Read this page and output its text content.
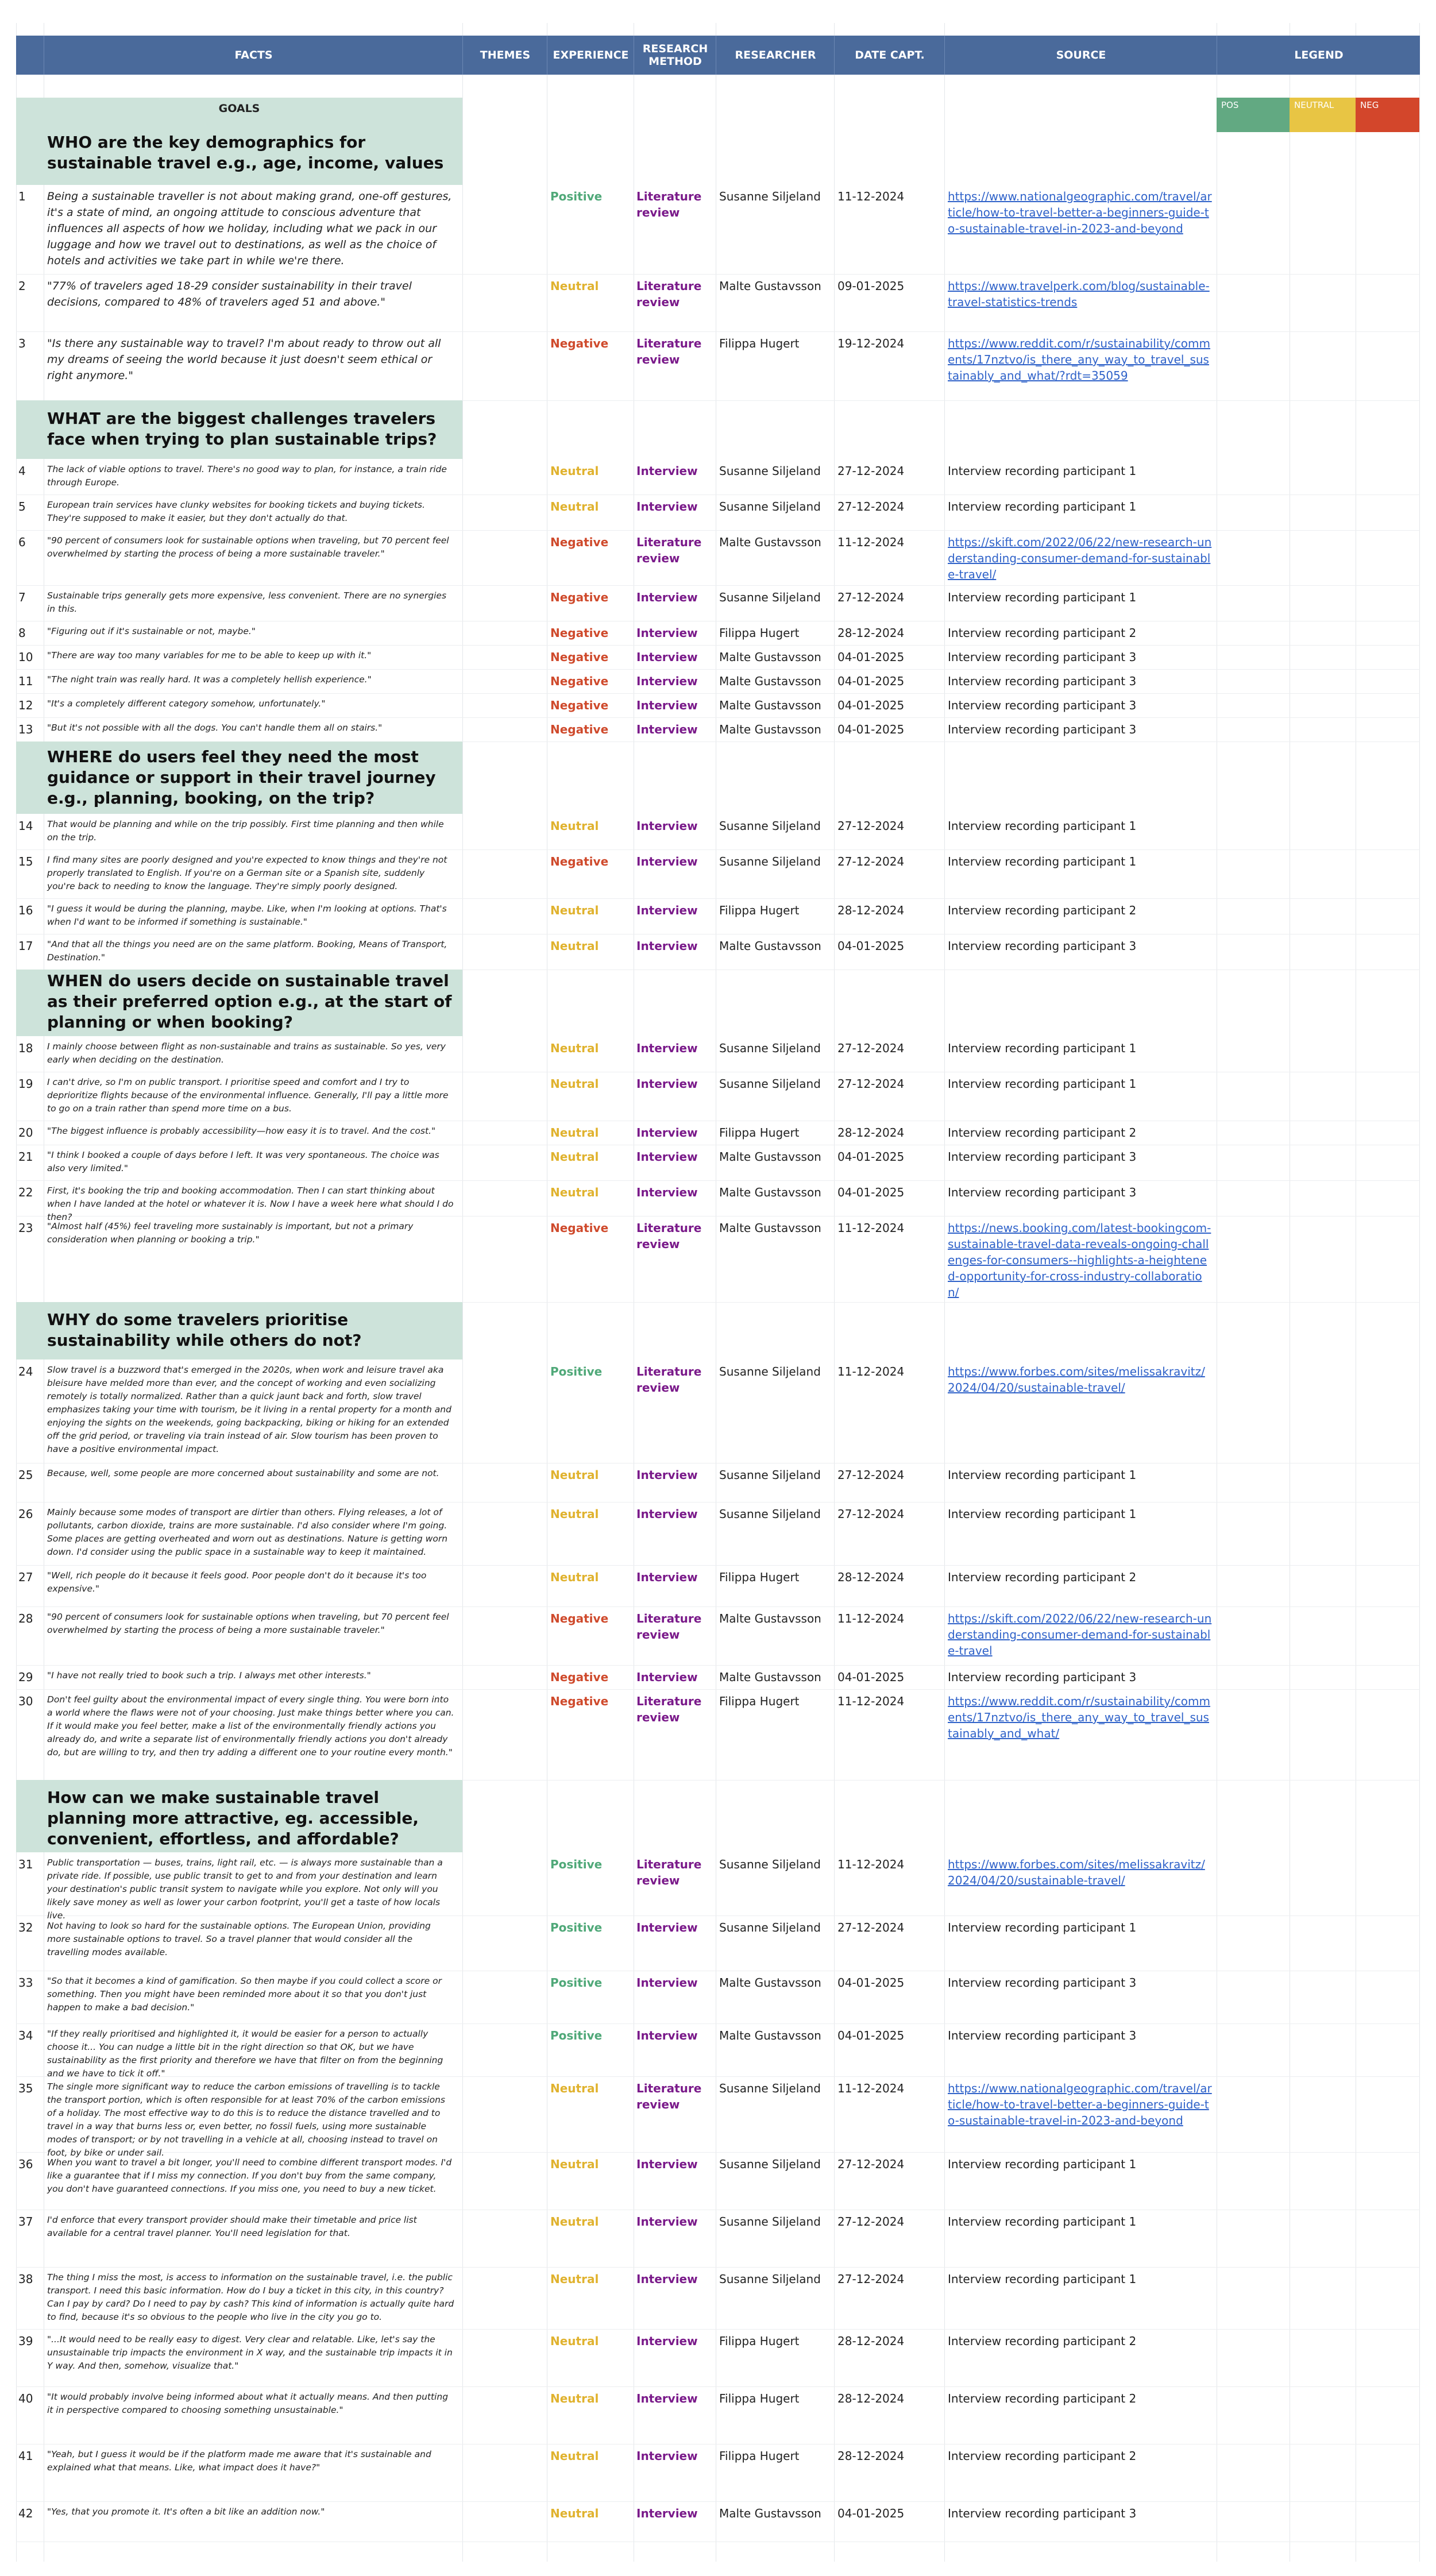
FACTS	THEMES	EXPERIENCE	RESEARCH METHOD	RESEARCHER	DATE CAPT.	SOURCE	LEGEND
GOALS	POS	NEUTRAL	NEG
WHO are the key demographics for sustainable travel e.g., age, income, values
1 Being a sustainable traveller is not about making grand, one-off gestures, it's a state of mind, an ongoing attitude to conscious adventure that influences all aspects of how we holiday, including what we pack in our luggage and how we travel out to destinations, as well as the choice of hotels and activities we take part in while we're there.
Positive	Literature review
Susanne Siljeland 11-12-2024	https://www.nationalgeographic.com/travel/article/how-to-travel-better-a-beginners-guide-to-sustainable-travel-in-2023-and-beyond
2 "77% of travelers aged 18-29 consider sustainability in their travel decisions, compared to 48% of travelers aged 51 and above."
Neutral	Literature review
Malte Gustavsson 09-01-2025	https://www.travelperk.com/blog/sustainable-travel-statistics-trends
3 "Is there any sustainable way to travel? I'm about ready to throw out all my dreams of seeing the world because it just doesn't seem ethical or right anymore."
Negative Literature review
Filippa Hugert	19-12-2024	https://www.reddit.com/r/sustainability/comments/17nztvo/is_there_any_way_to_travel_sustainably_and_what/?rdt=35059
WHAT are the biggest challenges travelers face when trying to plan sustainable trips?
4 The lack of viable options to travel. There's no good way to plan, for instance, a train ride through Europe.
Neutral	Interview	Susanne Siljeland 27-12-2024	Interview recording participant 1
5 European train services have clunky websites for booking tickets and buying tickets. They're supposed to make it easier, but they don't actually do that.
Neutral	Interview	Susanne Siljeland 27-12-2024	Interview recording participant 1
6 "90 percent of consumers look for sustainable options when traveling, but 70 percent feel overwhelmed by starting the process of being a more sustainable traveler."
Negative Literature review
Malte Gustavsson 11-12-2024	https://skift.com/2022/06/22/new-research-understanding-consumer-demand-for-sustainable-travel/
7 Sustainable trips generally gets more expensive, less convenient. There are no synergies in this.
Negative Interview	Susanne Siljeland 27-12-2024	Interview recording participant 1
8 "Figuring out if it's sustainable or not, maybe."	Negative Interview	Filippa Hugert	28-12-2024	Interview recording participant 2
10 "There are way too many variables for me to be able to keep up with it."	Negative Interview	Malte Gustavsson 04-01-2025	Interview recording participant 3
11 "The night train was really hard. It was a completely hellish experience."	Negative Interview	Malte Gustavsson 04-01-2025	Interview recording participant 3
12 "It's a completely different category somehow, unfortunately."	Negative Interview	Malte Gustavsson 04-01-2025	Interview recording participant 3
13 "But it's not possible with all the dogs. You can't handle them all on stairs."	Negative Interview	Malte Gustavsson 04-01-2025	Interview recording participant 3
WHERE do users feel they need the most guidance or support in their travel journey e.g., planning, booking, on the trip?
14 That would be planning and while on the trip possibly. First time planning and then while on the trip.
Neutral	Interview	Susanne Siljeland 27-12-2024	Interview recording participant 1
15 I find many sites are poorly designed and you're expected to know things and they're not properly translated to English. If you're on a German site or a Spanish site, suddenly you're back to needing to know the language. They're simply poorly designed.
Negative Interview	Susanne Siljeland 27-12-2024	Interview recording participant 1
16 "I guess it would be during the planning, maybe. Like, when I'm looking at options. That's when I'd want to be informed if something is sustainable."
Neutral	Interview	Filippa Hugert	28-12-2024	Interview recording participant 2
17 "And that all the things you need are on the same platform. Booking, Means of Transport, Destination."
Neutral	Interview	Malte Gustavsson 04-01-2025	Interview recording participant 3
WHEN do users decide on sustainable travel as their preferred option e.g., at the start of planning or when booking?
18 I mainly choose between flight as non-sustainable and trains as sustainable. So yes, very early when deciding on the destination.
Neutral	Interview	Susanne Siljeland 27-12-2024	Interview recording participant 1
19 I can't drive, so I'm on public transport. I prioritise speed and comfort and I try to deprioritize flights because of the environmental influence. Generally, I'll pay a little more to go on a train rather than spend more time on a bus.
Neutral	Interview	Susanne Siljeland 27-12-2024	Interview recording participant 1
20 "The biggest influence is probably accessibility—how easy it is to travel. And the cost."	Neutral	Interview	Filippa Hugert	28-12-2024	Interview recording participant 2
21 "I think I booked a couple of days before I left. It was very spontaneous. The choice was also very limited."
Neutral	Interview	Malte Gustavsson 04-01-2025	Interview recording participant 3
22 First, it's booking the trip and booking accommodation. Then I can start thinking about when I have landed at the hotel or whatever it is. Now I have a week here what should I do then?
Neutral	Interview	Malte Gustavsson 04-01-2025	Interview recording participant 3
23 "Almost half (45%) feel traveling more sustainably is important, but not a primary consideration when planning or booking a trip."
Negative Literature review
Malte Gustavsson 11-12-2024	https://news.booking.com/latest-bookingcom-sustainable-travel-data-reveals-ongoing-challenges-for-consumers--highlights-a-heightened-opportunity-for-cross-industry-collaboration/
WHY do some travelers prioritise sustainability while others do not?
24 Slow travel is a buzzword that's emerged in the 2020s, when work and leisure travel aka bleisure have melded more than ever, and the concept of working and even socializing remotely is totally normalized. Rather than a quick jaunt back and forth, slow travel emphasizes taking your time with tourism, be it living in a rental property for a month and enjoying the sights on the weekends, going backpacking, biking or hiking for an extended off the grid period, or traveling via train instead of air. Slow tourism has been proven to have a positive environmental impact.
Positive	Literature review
Susanne Siljeland 11-12-2024	https://www.forbes.com/sites/melissakravitz/2024/04/20/sustainable-travel/
25 Because, well, some people are more concerned about sustainability and some are not.	Neutral	Interview	Susanne Siljeland 27-12-2024	Interview recording participant 1
26 Mainly because some modes of transport are dirtier than others. Flying releases, a lot of pollutants, carbon dioxide, trains are more sustainable. I'd also consider where I'm going. Some places are getting overheated and worn out as destinations. Nature is getting worn down. I'd consider using the public space in a sustainable way to keep it maintained.
Neutral	Interview	Susanne Siljeland 27-12-2024	Interview recording participant 1
27 "Well, rich people do it because it feels good. Poor people don't do it because it's too expensive."
Neutral	Interview	Filippa Hugert	28-12-2024	Interview recording participant 2
28 "90 percent of consumers look for sustainable options when traveling, but 70 percent feel overwhelmed by starting the process of being a more sustainable traveler."
Negative Literature review
Malte Gustavsson 11-12-2024	https://skift.com/2022/06/22/new-research-understanding-consumer-demand-for-sustainable-travel
29 "I have not really tried to book such a trip. I always met other interests."	Negative Interview	Malte Gustavsson 04-01-2025	Interview recording participant 3
30 Don't feel guilty about the environmental impact of every single thing. You were born into a world where the flaws were not of your choosing. Just make things better where you can. If it would make you feel better, make a list of the environmentally friendly actions you already do, and write a separate list of environmentally friendly actions you don't already do, but are willing to try, and then try adding a different one to your routine every month."
Negative Literature review
Filippa Hugert	11-12-2024	https://www.reddit.com/r/sustainability/comments/17nztvo/is_there_any_way_to_travel_sustainably_and_what/
How can we make sustainable travel planning more attractive, eg. accessible, convenient, effortless, and affordable?
31 Public transportation — buses, trains, light rail, etc. — is always more sustainable than a private ride. If possible, use public transit to get to and from your destination and learn your destination's public transit system to navigate while you explore. Not only will you likely save money as well as lower your carbon footprint, you'll get a taste of how locals live.
Positive	Literature review
Susanne Siljeland 11-12-2024	https://www.forbes.com/sites/melissakravitz/2024/04/20/sustainable-travel/
32 Not having to look so hard for the sustainable options. The European Union, providing more sustainable options to travel. So a travel planner that would consider all the travelling modes available.
Positive	Interview	Susanne Siljeland 27-12-2024	Interview recording participant 1
33 "So that it becomes a kind of gamification. So then maybe if you could collect a score or something. Then you might have been reminded more about it so that you don't just happen to make a bad decision."
Positive	Interview	Malte Gustavsson 04-01-2025	Interview recording participant 3
34 "If they really prioritised and highlighted it, it would be easier for a person to actually choose it... You can nudge a little bit in the right direction so that OK, but we have sustainability as the first priority and therefore we have that filter on from the beginning and we have to tick it off."
Positive	Interview	Malte Gustavsson 04-01-2025	Interview recording participant 3
35 The single more significant way to reduce the carbon emissions of travelling is to tackle the transport portion, which is often responsible for at least 70% of the carbon emissions of a holiday. The most effective way to do this is to reduce the distance travelled and to travel in a way that burns less or, even better, no fossil fuels, using more sustainable modes of transport; or by not travelling in a vehicle at all, choosing instead to travel on foot, by bike or under sail.
Neutral	Literature review
Susanne Siljeland 11-12-2024	https://www.nationalgeographic.com/travel/article/how-to-travel-better-a-beginners-guide-to-sustainable-travel-in-2023-and-beyond
36 When you want to travel a bit longer, you'll need to combine different transport modes. I'd like a guarantee that if I miss my connection. If you don't buy from the same company, you don't have guaranteed connections. If you miss one, you need to buy a new ticket.
Neutral	Interview	Susanne Siljeland 27-12-2024	Interview recording participant 1
37 I'd enforce that every transport provider should make their timetable and price list available for a central travel planner. You'll need legislation for that.
Neutral	Interview	Susanne Siljeland 27-12-2024	Interview recording participant 1
38 The thing I miss the most, is access to information on the sustainable travel, i.e. the public transport. I need this basic information. How do I buy a ticket in this city, in this country? Can I pay by card? Do I need to pay by cash? This kind of information is actually quite hard to find, because it's so obvious to the people who live in the city you go to.
Neutral	Interview	Susanne Siljeland 27-12-2024	Interview recording participant 1
39 "...It would need to be really easy to digest. Very clear and relatable. Like, let's say the unsustainable trip impacts the environment in X way, and the sustainable trip impacts it in Y way. And then, somehow, visualize that."
Neutral	Interview	Filippa Hugert	28-12-2024	Interview recording participant 2
40 "It would probably involve being informed about what it actually means. And then putting it in perspective compared to choosing something unsustainable."
Neutral	Interview	Filippa Hugert	28-12-2024	Interview recording participant 2
41 "Yeah, but I guess it would be if the platform made me aware that it's sustainable and explained what that means. Like, what impact does it have?"
Neutral	Interview	Filippa Hugert	28-12-2024	Interview recording participant 2
42 "Yes, that you promote it. It's often a bit like an addition now."	Neutral	Interview	Malte Gustavsson 04-01-2025	Interview recording participant 3
